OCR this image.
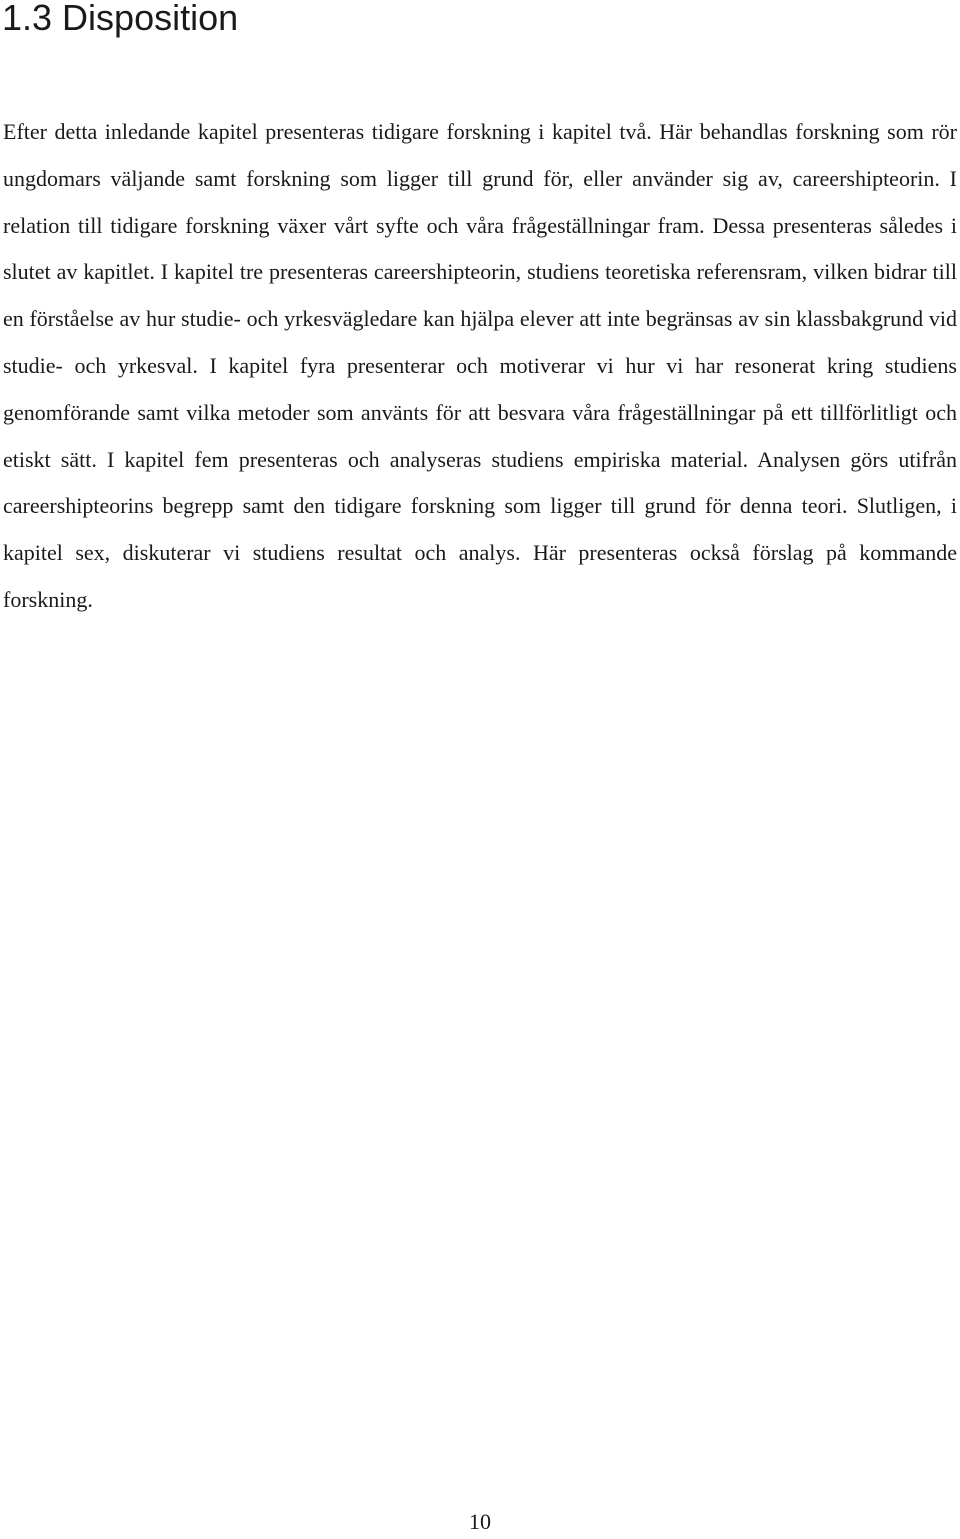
1.3 Disposition

Efter detta inledande kapitel presenteras tidigare forskning i kapitel två. Här behandlas forskning som rör ungdomars väljande samt forskning som ligger till grund för, eller använder sig av, careershipteorin. I relation till tidigare forskning växer vårt syfte och våra frågeställningar fram. Dessa presenteras således i slutet av kapitlet. I kapitel tre presenteras careershipteorin, studiens teoretiska referensram, vilken bidrar till en förståelse av hur studie- och yrkesvägledare kan hjälpa elever att inte begränsas av sin klassbakgrund vid studie- och yrkesval. I kapitel fyra presenterar och motiverar vi hur vi har resonerat kring studiens genomförande samt vilka metoder som använts för att besvara våra frågeställningar på ett tillförlitligt och etiskt sätt. I kapitel fem presenteras och analyseras studiens empiriska material. Analysen görs utifrån careershipteorins begrepp samt den tidigare forskning som ligger till grund för denna teori. Slutligen, i kapitel sex, diskuterar vi studiens resultat och analys. Här presenteras också förslag på kommande forskning.

10
